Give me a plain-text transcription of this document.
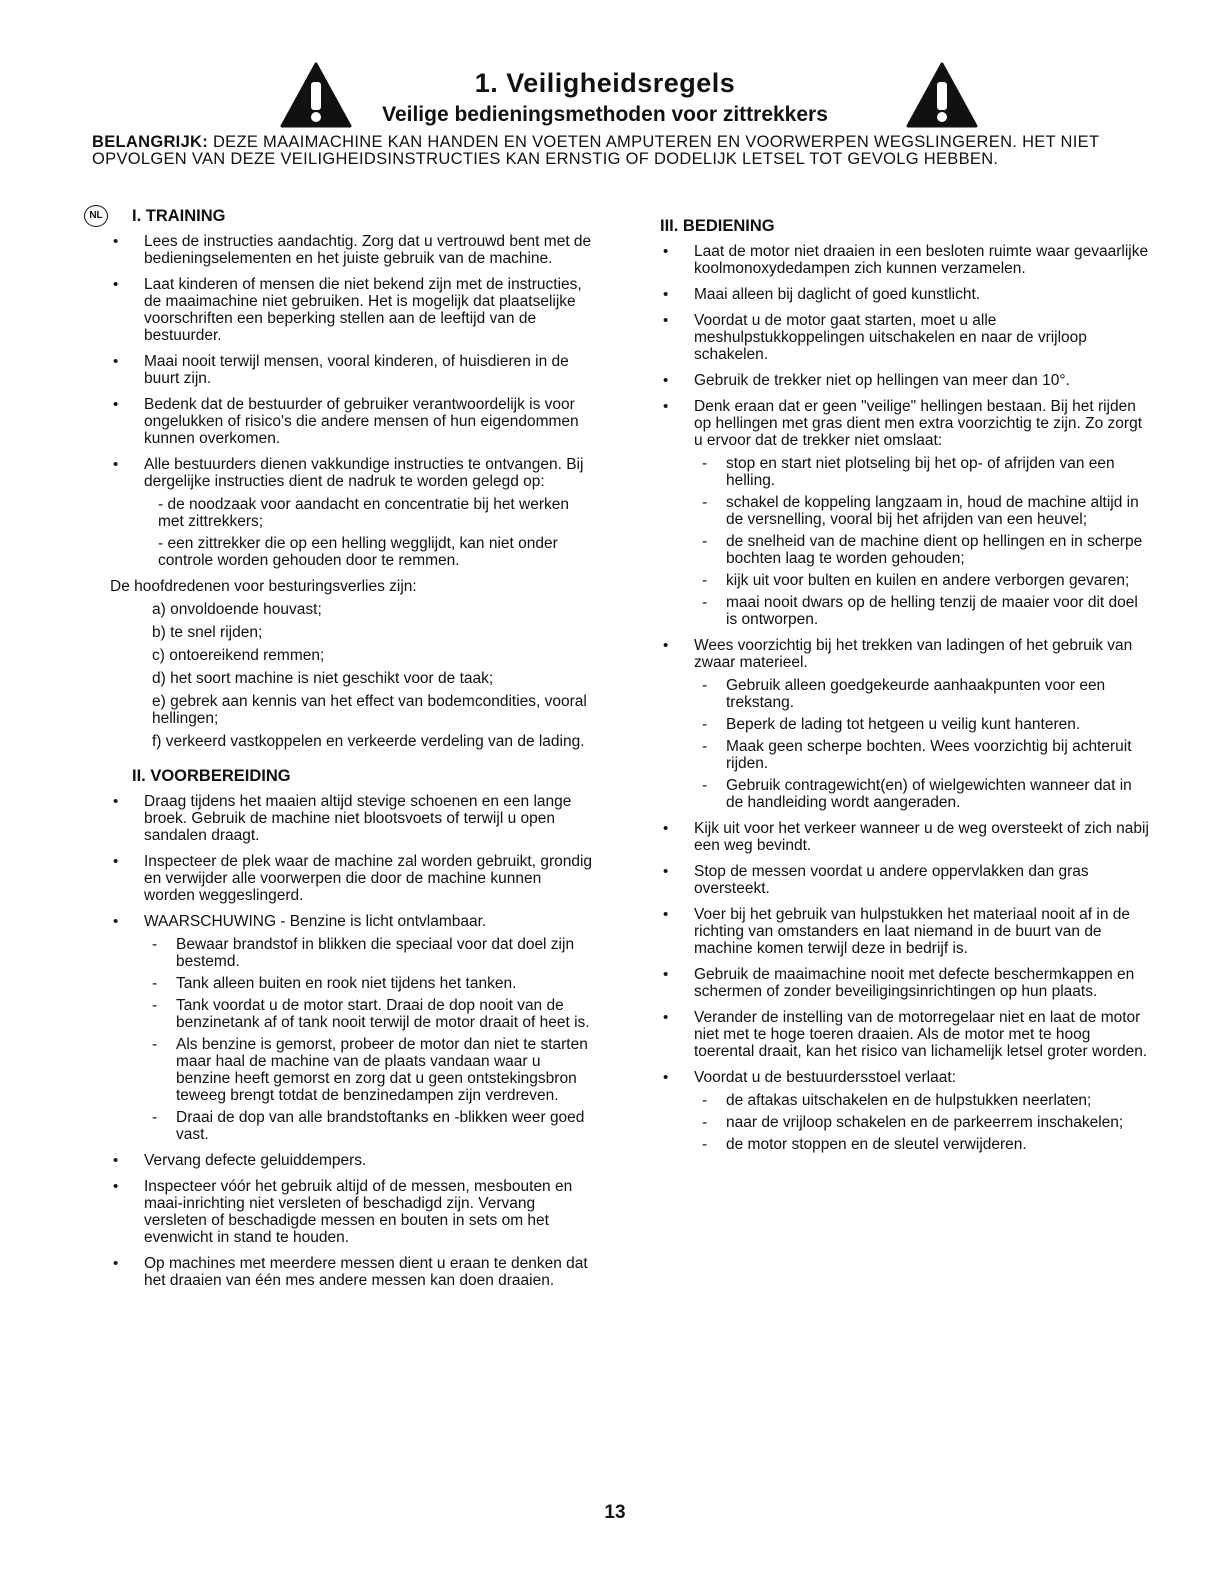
1. Veiligheidsregels
Veilige bedieningsmethoden voor zittrekkers

BELANGRIJK: DEZE MAAIMACHINE KAN HANDEN EN VOETEN AMPUTEREN EN VOORWERPEN WEGSLINGEREN. HET NIET OPVOLGEN VAN DEZE VEILIGHEIDSINSTRUCTIES KAN ERNSTIG OF DODELIJK LETSEL TOT GEVOLG HEBBEN.

NL	I. TRAINING

• Lees de instructies aandachtig. Zorg dat u vertrouwd bent met de bedieningselementen en het juiste gebruik van de machine.
• Laat kinderen of mensen die niet bekend zijn met de instructies, de maaimachine niet gebruiken. Het is mogelijk dat plaatselijke voorschriften een beperking stellen aan de leeftijd van de bestuurder.
• Maai nooit terwijl mensen, vooral kinderen, of huisdieren in de buurt zijn.
• Bedenk dat de bestuurder of gebruiker verantwoordelijk is voor ongelukken of risico's die andere mensen of hun eigendommen kunnen overkomen.
• Alle bestuurders dienen vakkundige instructies te ontvangen. Bij dergelijke instructies dient de nadruk te worden gelegd op:
- de noodzaak voor aandacht en concentratie bij het werken met zittrekkers;
- een zittrekker die op een helling wegglijdt, kan niet onder controle worden gehouden door te remmen.

De hoofdredenen voor besturingsverlies zijn:

a) onvoldoende houvast;
b) te snel rijden;
c) ontoereikend remmen;
d) het soort machine is niet geschikt voor de taak;
e) gebrek aan kennis van het effect van bodemcondities, vooral hellingen;
f) verkeerd vastkoppelen en verkeerde verdeling van de lading.

II. VOORBEREIDING

• Draag tijdens het maaien altijd stevige schoenen en een lange broek. Gebruik de machine niet blootsvoets of terwijl u open sandalen draagt.
• Inspecteer de plek waar de machine zal worden gebruikt, grondig en verwijder alle voorwerpen die door de machine kunnen worden weggeslingerd.
• WAARSCHUWING - Benzine is licht ontvlambaar.
- Bewaar brandstof in blikken die speciaal voor dat doel zijn bestemd.
- Tank alleen buiten en rook niet tijdens het tanken.
- Tank voordat u de motor start. Draai de dop nooit van de benzinetank af of tank nooit terwijl de motor draait of heet is.
- Als benzine is gemorst, probeer de motor dan niet te starten maar haal de machine van de plaats vandaan waar u benzine heeft gemorst en zorg dat u geen ontstekingsbron teweeg brengt totdat de benzinedampen zijn verdreven.
- Draai de dop van alle brandstoftanks en -blikken weer goed vast.
• Vervang defecte geluiddempers.
• Inspecteer vóór het gebruik altijd of de messen, mesbouten en maai-inrichting niet versleten of beschadigd zijn. Vervang versleten of beschadigde messen en bouten in sets om het evenwicht in stand te houden.
• Op machines met meerdere messen dient u eraan te denken dat het draaien van één mes andere messen kan doen draaien.

III. BEDIENING

• Laat de motor niet draaien in een besloten ruimte waar gevaarlijke koolmonoxydedampen zich kunnen verzamelen.
• Maai alleen bij daglicht of goed kunstlicht.
• Voordat u de motor gaat starten, moet u alle meshulpstukkoppelingen uitschakelen en naar de vrijloop schakelen.
• Gebruik de trekker niet op hellingen van meer dan 10°.
• Denk eraan dat er geen "veilige" hellingen bestaan. Bij het rijden op hellingen met gras dient men extra voorzichtig te zijn. Zo zorgt u ervoor dat de trekker niet omslaat:
- stop en start niet plotseling bij het op- of afrijden van een helling.
- schakel de koppeling langzaam in, houd de machine altijd in de versnelling, vooral bij het afrijden van een heuvel;
- de snelheid van de machine dient op hellingen en in scherpe bochten laag te worden gehouden;
- kijk uit voor bulten en kuilen en andere verborgen gevaren;
- maai nooit dwars op de helling tenzij de maaier voor dit doel is ontworpen.
• Wees voorzichtig bij het trekken van ladingen of het gebruik van zwaar materieel.
- Gebruik alleen goedgekeurde aanhaakpunten voor een trekstang.
- Beperk de lading tot hetgeen u veilig kunt hanteren.
- Maak geen scherpe bochten. Wees voorzichtig bij achteruit rijden.
- Gebruik contragewicht(en) of wielgewichten wanneer dat in de handleiding wordt aangeraden.
• Kijk uit voor het verkeer wanneer u de weg oversteekt of zich nabij een weg bevindt.
• Stop de messen voordat u andere oppervlakken dan gras oversteekt.
• Voer bij het gebruik van hulpstukken het materiaal nooit af in de richting van omstanders en laat niemand in de buurt van de machine komen terwijl deze in bedrijf is.
• Gebruik de maaimachine nooit met defecte beschermkappen en schermen of zonder beveiligingsinrichtingen op hun plaats.
• Verander de instelling van de motorregelaar niet en laat de motor niet met te hoge toeren draaien. Als de motor met te hoog toerental draait, kan het risico van lichamelijk letsel groter worden.
• Voordat u de bestuurdersstoel verlaat:
- de aftakas uitschakelen en de hulpstukken neerlaten;
- naar de vrijloop schakelen en de parkeerrem inschakelen;
- de motor stoppen en de sleutel verwijderen.

13
